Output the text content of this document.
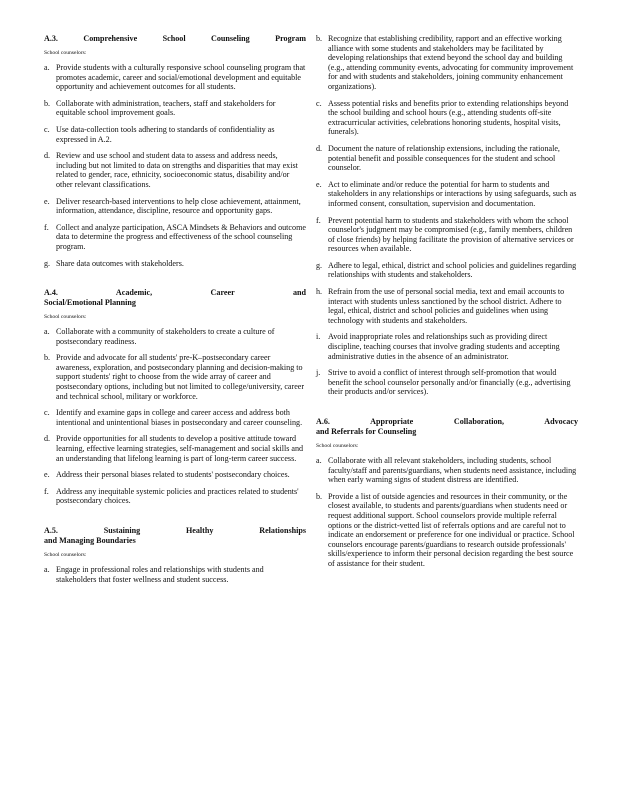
A.3. Comprehensive School Counseling Program
School counselors:
a. Provide students with a culturally responsive school counseling program that promotes academic, career and social/emotional development and equitable opportunity and achievement outcomes for all students.
b. Collaborate with administration, teachers, staff and stakeholders for equitable school improvement goals.
c. Use data-collection tools adhering to standards of confidentiality as expressed in A.2.
d. Review and use school and student data to assess and address needs, including but not limited to data on strengths and disparities that may exist related to gender, race, ethnicity, socioeconomic status, disability and/or other relevant classifications.
e. Deliver research-based interventions to help close achievement, attainment, information, attendance, discipline, resource and opportunity gaps.
f. Collect and analyze participation, ASCA Mindsets & Behaviors and outcome data to determine the progress and effectiveness of the school counseling program.
g. Share data outcomes with stakeholders.
A.4. Academic, Career and
Social/Emotional Planning
School counselors:
a. Collaborate with a community of stakeholders to create a culture of postsecondary readiness.
b. Provide and advocate for all students' pre-K–postsecondary career awareness, exploration, and postsecondary planning and decision-making to support students' right to choose from the wide array of career and postsecondary options, including but not limited to college/university, career and technical school, military or workforce.
c. Identify and examine gaps in college and career access and address both intentional and unintentional biases in postsecondary and career counseling.
d. Provide opportunities for all students to develop a positive attitude toward learning, effective learning strategies, self-management and social skills and an understanding that lifelong learning is part of long-term career success.
e. Address their personal biases related to students' postsecondary choices.
f. Address any inequitable systemic policies and practices related to students' postsecondary choices.
A.5. Sustaining Healthy Relationships
and Managing Boundaries
School counselors:
a. Engage in professional roles and relationships with students and stakeholders that foster wellness and student success.
b. Recognize that establishing credibility, rapport and an effective working alliance with some students and stakeholders may be facilitated by developing relationships that extend beyond the school day and building (e.g., attending community events, advocating for community improvement for and with students and stakeholders, joining community enhancement organizations).
c. Assess potential risks and benefits prior to extending relationships beyond the school building and school hours (e.g., attending students off-site extracurricular activities, celebrations honoring students, hospital visits, funerals).
d. Document the nature of relationship extensions, including the rationale, potential benefit and possible consequences for the student and school counselor.
e. Act to eliminate and/or reduce the potential for harm to students and stakeholders in any relationships or interactions by using safeguards, such as informed consent, consultation, supervision and documentation.
f. Prevent potential harm to students and stakeholders with whom the school counselor's judgment may be compromised (e.g., family members, children of close friends) by helping facilitate the provision of alternative services or resources when available.
g. Adhere to legal, ethical, district and school policies and guidelines regarding relationships with students and stakeholders.
h. Refrain from the use of personal social media, text and email accounts to interact with students unless sanctioned by the school district. Adhere to legal, ethical, district and school policies and guidelines when using technology with students and stakeholders.
i. Avoid inappropriate roles and relationships such as providing direct discipline, teaching courses that involve grading students and accepting administrative duties in the absence of an administrator.
j. Strive to avoid a conflict of interest through self-promotion that would benefit the school counselor personally and/or financially (e.g., advertising their products and/or services).
A.6. Appropriate Collaboration, Advocacy
and Referrals for Counseling
School counselors:
a. Collaborate with all relevant stakeholders, including students, school faculty/staff and parents/guardians, when students need assistance, including when early warning signs of student distress are identified.
b. Provide a list of outside agencies and resources in their community, or the closest available, to students and parents/guardians when students need or request additional support. School counselors provide multiple referral options or the district-vetted list of referrals options and are careful not to indicate an endorsement or preference for one individual or practice. School counselors encourage parents/guardians to research outside professionals' skills/experience to inform their personal decision regarding the best source of assistance for their student.
